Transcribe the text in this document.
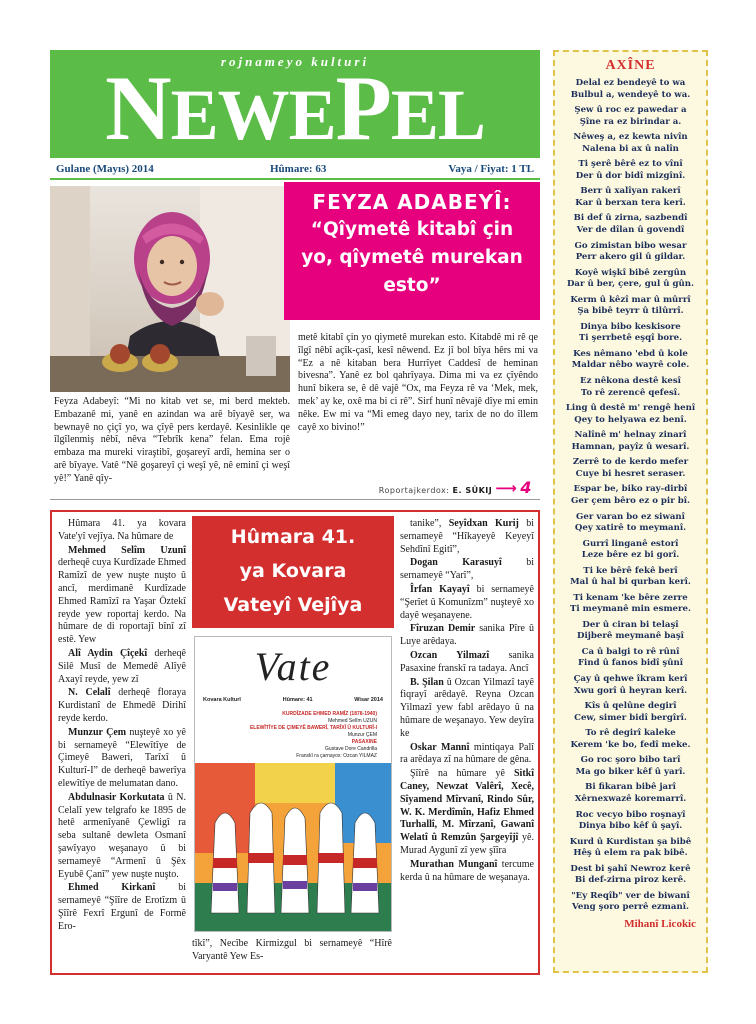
rojnameyo kulturi
NEWEPEL
Gulane (Mayıs) 2014	Hûmare: 63	Vaya / Fiyat: 1 TL
FEYZA ADABEYÎ:
“Qîymetê kitabî çin yo, qîymetê murekan esto”
Feyza Adabeyî: “Mi no kitab vet se, mi berd mekteb. Embazanê mi, yanê en azindan wa arê bîyayê ser, wa bewnayê no çiçî yo, wa çîyê pers kerdayê. Kesinlikle qe îlgîlenmiş nêbî, nêva “Tebrîk kena” felan. Ema rojê embaza ma mureki viraştibî, goşareyî ardî, hemina ser o arê bîyaye. Vatê “Nê goşareyî çi weşî yê, nê eminî çi weşî yê!” Yanê qîy-
metê kitabî çin yo qiymetê murekan esto. Kitabdê mi rê qe îlgî nêbî açîk-çasî, kesî nêwend. Ez jî bol bîya hêrs mi va “Ez a nê kitaban bera Hurrîyet Caddesî de heminan bivesna”. Yanê ez bol qahrîyaya. Dima mi va ez çîyêndo hunî bikera se, ê dê vajê “Ox, ma Feyza rê va ‘Mek, mek, mek’ ay ke, oxê ma bi ci rê”. Sirf hunî nêvajê dîye mi emin nêke. Ew mi va “Mi emeg dayo ney, tarix de no do îllem cayê xo bivino!”
Roportajkerdox: E. SÛKIJ ⟶ 4

Hûmara 41. ya kovara Vate'yî vejîya. Na hûmare de

Mehmed Selîm Uzunî derheqê cuya Kurdîzade Ehmed Ramîzî de yew nuşte nuşto û ancî, merdimanê Kurdîzade Ehmed Ramîzî ra Yaşar Öztekî reyde yew roportaj kerdo. Na hûmare de di roportajî bînî zî estê. Yew

Alî Aydin Çîçekî derheqê Silê Musî de Memedê Alîyê Axayî reyde, yew zî

N. Celalî derheqê floraya Kurdistanî de Ehmedê Dirihî reyde kerdo.

Munzur Çem nuşteyê xo yê bi sernameyê “Elewîtîye de Çimeyê Baweri, Tarîxî û Kulturî-I” de derheqê bawerîya elewîtîye de melumatan dano.

Abdulnasir Korkutata û N. Celalî yew telgrafo ke 1895 de hetê armenîyanê Çewligî ra seba sultanê dewleta Osmanî şawîyayo weşanayo û bi sernameyê “Armenî û Şêx Eyubê Çanî” yew nuşte nuşto.

Ehmed Kirkanî bi sernameyê “Şîîre de Erotîzm û Şîîrê Fexrî Ergunî de Formê Ero-

Hûmara 41.
ya Kovara
Vateyî Vejîya
Vate
Kovara Kulturî	Hûmare: 41	Wisar 2014
KURDÎZADE EHMED RAMÎZ (1878-1940)
Mehmed Selîm UZUN
ELEWÎTÎYE DE ÇIMEYÊ BAWERÎ, TARÎXÎ Û KULTURÎ-I
Munzur ÇEM
PASAXINE
Gustave Dore Candrilla
Franskî ra çarnayox: Ozcan YILMAZ
tîkî”, Necîbe Kirmizgul bi sernameyê “Hîrê Varyantê Yew Es-

tanike”, Seyîdxan Kurij bi sernameyê “Hîkayeyê Keyeyî Sehdînî Egitî”,

Dogan Karasuyî bi sernameyê “Yarî”,

Îrfan Kayayî bi sernameyê “Şerîet û Komunîzm” nuşteyê xo dayê weşanayene.

Fîruzan Demir sanika Pîre û Luye arêdaya.

Ozcan Yilmazî sanika Pasaxine franskî ra tadaya. Ancî

B. Şilan û Ozcan Yilmazî tayê fiqrayî arêdayê. Reyna Ozcan Yilmazî yew fabl arêdayo û na hûmare de weşanayo. Yew deyîra ke

Oskar Mannî mintiqaya Palî ra arêdaya zî na hûmare de gêna.

Şîîrê na hûmare yê Sitkî Caney, Newzat Valêrî, Xecê, Sîyamend Mîrvanî, Rindo Sûr, W. K. Merdîmîn, Hafiz Ehmed Turhallî, M. Mîrzanî, Gawanî Welatî û Remzûn Şargeyîjî yê. Murad Aygunî zî yew şîîra

Murathan Munganî tercume kerda û na hûmare de weşanaya.

AXÎNE
Delal ez bendeyê to wa
Bulbul a, wendeyê to wa.
Şew û roc ez pawedar a
Şîne ra ez birindar a.
Nêweş a, ez kewta nivîn
Nalena bi ax û nalîn
Ti şerê bêrê ez to vînî
Der û dor bidî mizgînî.
Berr û xalîyan rakerî
Kar û berxan tera kerî.
Bi def û zirna, sazbendî
Ver de dîlan û govendî
Go zimistan bibo wesar
Perr akero gil û gildar.
Koyê wişkî bibê zergûn
Dar û ber, çere, gul û gûn.
Kerm û kêzî mar û mûrrî
Şa bibê teyrr û tilûrrî.
Dinya bibo keskisore
Ti şerrbetê eşqî bore.
Kes nêmano 'ebd û kole
Maldar nêbo wayrê cole.
Ez nêkona destê kesî
To rê zerencê qefesî.
Ling û destê m' rengê henî
Qey to helyawa ez benî.
Nalînê m' helnay zinarî
Hamnan, payîz û wesarî.
Zerrê to de kerdo mefer
Cuye bi hesret seraser.
Espar be, biko ray-dirbî
Ger çem bêro ez o pir bî.
Ger varan bo ez siwanî
Qey xatirê to meymanî.
Gurrî linganê estorî
Leze bêre ez bi gorî.
Ti ke bêrê fekê berî
Mal û hal bi qurban kerî.
Ti kenam 'ke bêre zerre
Ti meymanê min esmere.
Der û ciran bi telaşî
Dijberê meymanê başî
Ca û balgi to rê rûnî
Find û fanos bidî şûnî
Çay û qehwe îkram kerî
Xwu gorî û heyran kerî.
Kîs û qelûne degirî
Cew, simer bidî bergîrî.
To rê degirî kaleke
Kerem 'ke bo, fedî meke.
Go roc şoro bibo tarî
Ma go biker kêf û yarî.
Bi fikaran bibê jarî
Xêrnexwazê koremarrî.
Roc vecyo bibo roşnayî
Dinya bibo kêf û şayî.
Kurd û Kurdistan şa bibê
Hêş û elem ra pak bibê.
Dest bi şahî Newroz kerê
Bi def-zirna piroz kerê.
"Ey Reqîb" ver de biwanî
Veng şoro perrê ezmanî.
Mihanî Licokic
